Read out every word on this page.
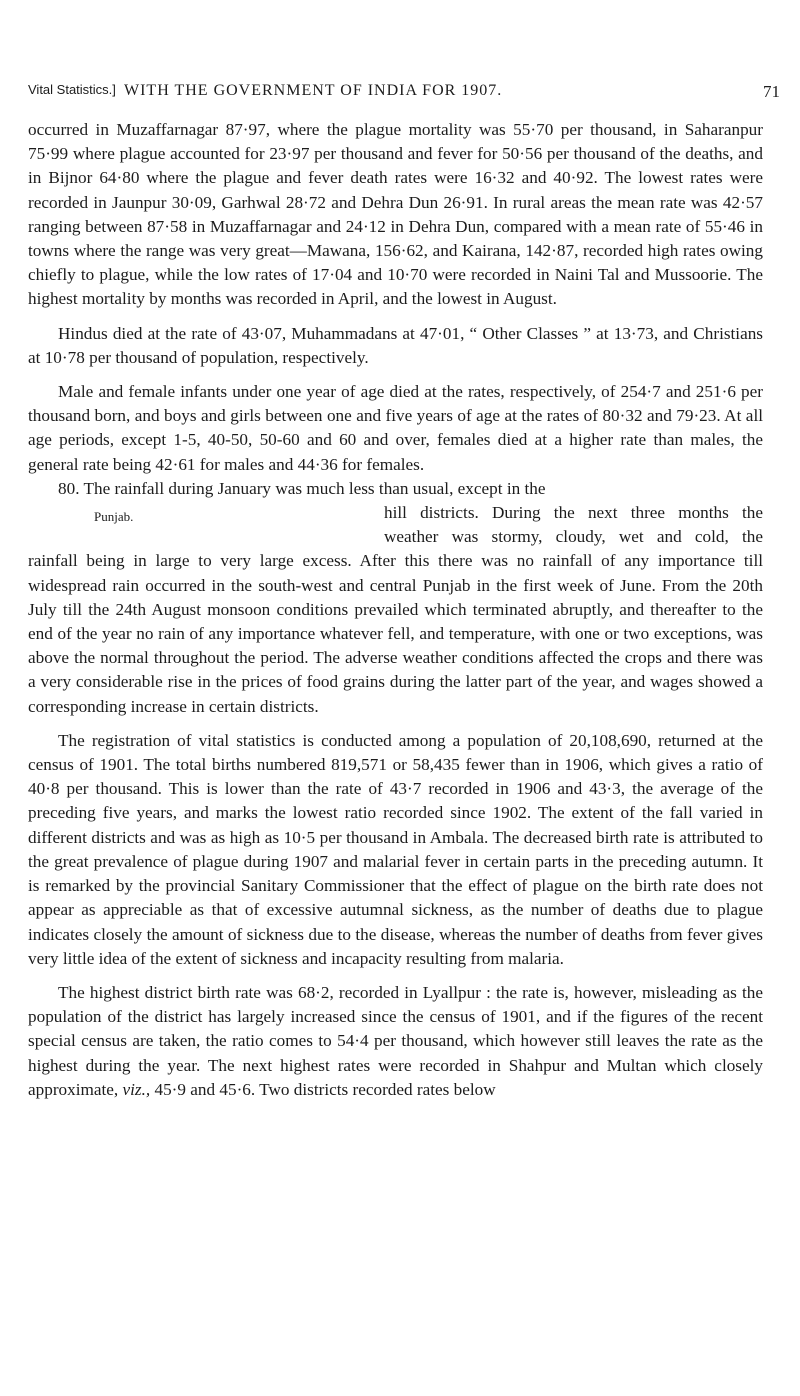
Vital Statistics.] WITH THE GOVERNMENT OF INDIA FOR 1907.	71

occurred in Muzaffarnagar 87·97, where the plague mortality was 55·70 per thousand, in Saharanpur 75·99 where plague accounted for 23·97 per thousand and fever for 50·56 per thousand of the deaths, and in Bijnor 64·80 where the plague and fever death rates were 16·32 and 40·92. The lowest rates were recorded in Jaunpur 30·09, Garhwal 28·72 and Dehra Dun 26·91. In rural areas the mean rate was 42·57 ranging between 87·58 in Muzaffarnagar and 24·12 in Dehra Dun, compared with a mean rate of 55·46 in towns where the range was very great—Mawana, 156·62, and Kairana, 142·87, recorded high rates owing chiefly to plague, while the low rates of 17·04 and 10·70 were recorded in Naini Tal and Mussoorie. The highest mortality by months was recorded in April, and the lowest in August.

Hindus died at the rate of 43·07, Muhammadans at 47·01, “ Other Classes ” at 13·73, and Christians at 10·78 per thousand of population, respectively.

Male and female infants under one year of age died at the rates, respectively, of 254·7 and 251·6 per thousand born, and boys and girls between one and five years of age at the rates of 80·32 and 79·23. At all age periods, except 1-5, 40-50, 50-60 and 60 and over, females died at a higher rate than males, the general rate being 42·61 for males and 44·36 for females.

80. The rainfall during January was much less than usual, except in the

hill districts. During the next three months the

weather was stormy, cloudy, wet and cold, the

Punjab.

rainfall being in large to very large excess. After this there was no rainfall of any importance till widespread rain occurred in the south-west and central Punjab in the first week of June. From the 20th July till the 24th August monsoon conditions prevailed which terminated abruptly, and thereafter to the end of the year no rain of any importance whatever fell, and temperature, with one or two exceptions, was above the normal throughout the period. The adverse weather conditions affected the crops and there was a very considerable rise in the prices of food grains during the latter part of the year, and wages showed a corresponding increase in certain districts.

The registration of vital statistics is conducted among a population of 20,108,690, returned at the census of 1901. The total births numbered 819,571 or 58,435 fewer than in 1906, which gives a ratio of 40·8 per thousand. This is lower than the rate of 43·7 recorded in 1906 and 43·3, the average of the preceding five years, and marks the lowest ratio recorded since 1902. The extent of the fall varied in different districts and was as high as 10·5 per thousand in Ambala. The decreased birth rate is attributed to the great prevalence of plague during 1907 and malarial fever in certain parts in the preceding autumn. It is remarked by the provincial Sanitary Commissioner that the effect of plague on the birth rate does not appear as appreciable as that of excessive autumnal sickness, as the number of deaths due to plague indicates closely the amount of sickness due to the disease, whereas the number of deaths from fever gives very little idea of the extent of sickness and incapacity resulting from malaria.

The highest district birth rate was 68·2, recorded in Lyallpur : the rate is, however, misleading as the population of the district has largely increased since the census of 1901, and if the figures of the recent special census are taken, the ratio comes to 54·4 per thousand, which however still leaves the rate as the highest during the year. The next highest rates were recorded in Shahpur and Multan which closely approximate, viz., 45·9 and 45·6. Two districts recorded rates below
